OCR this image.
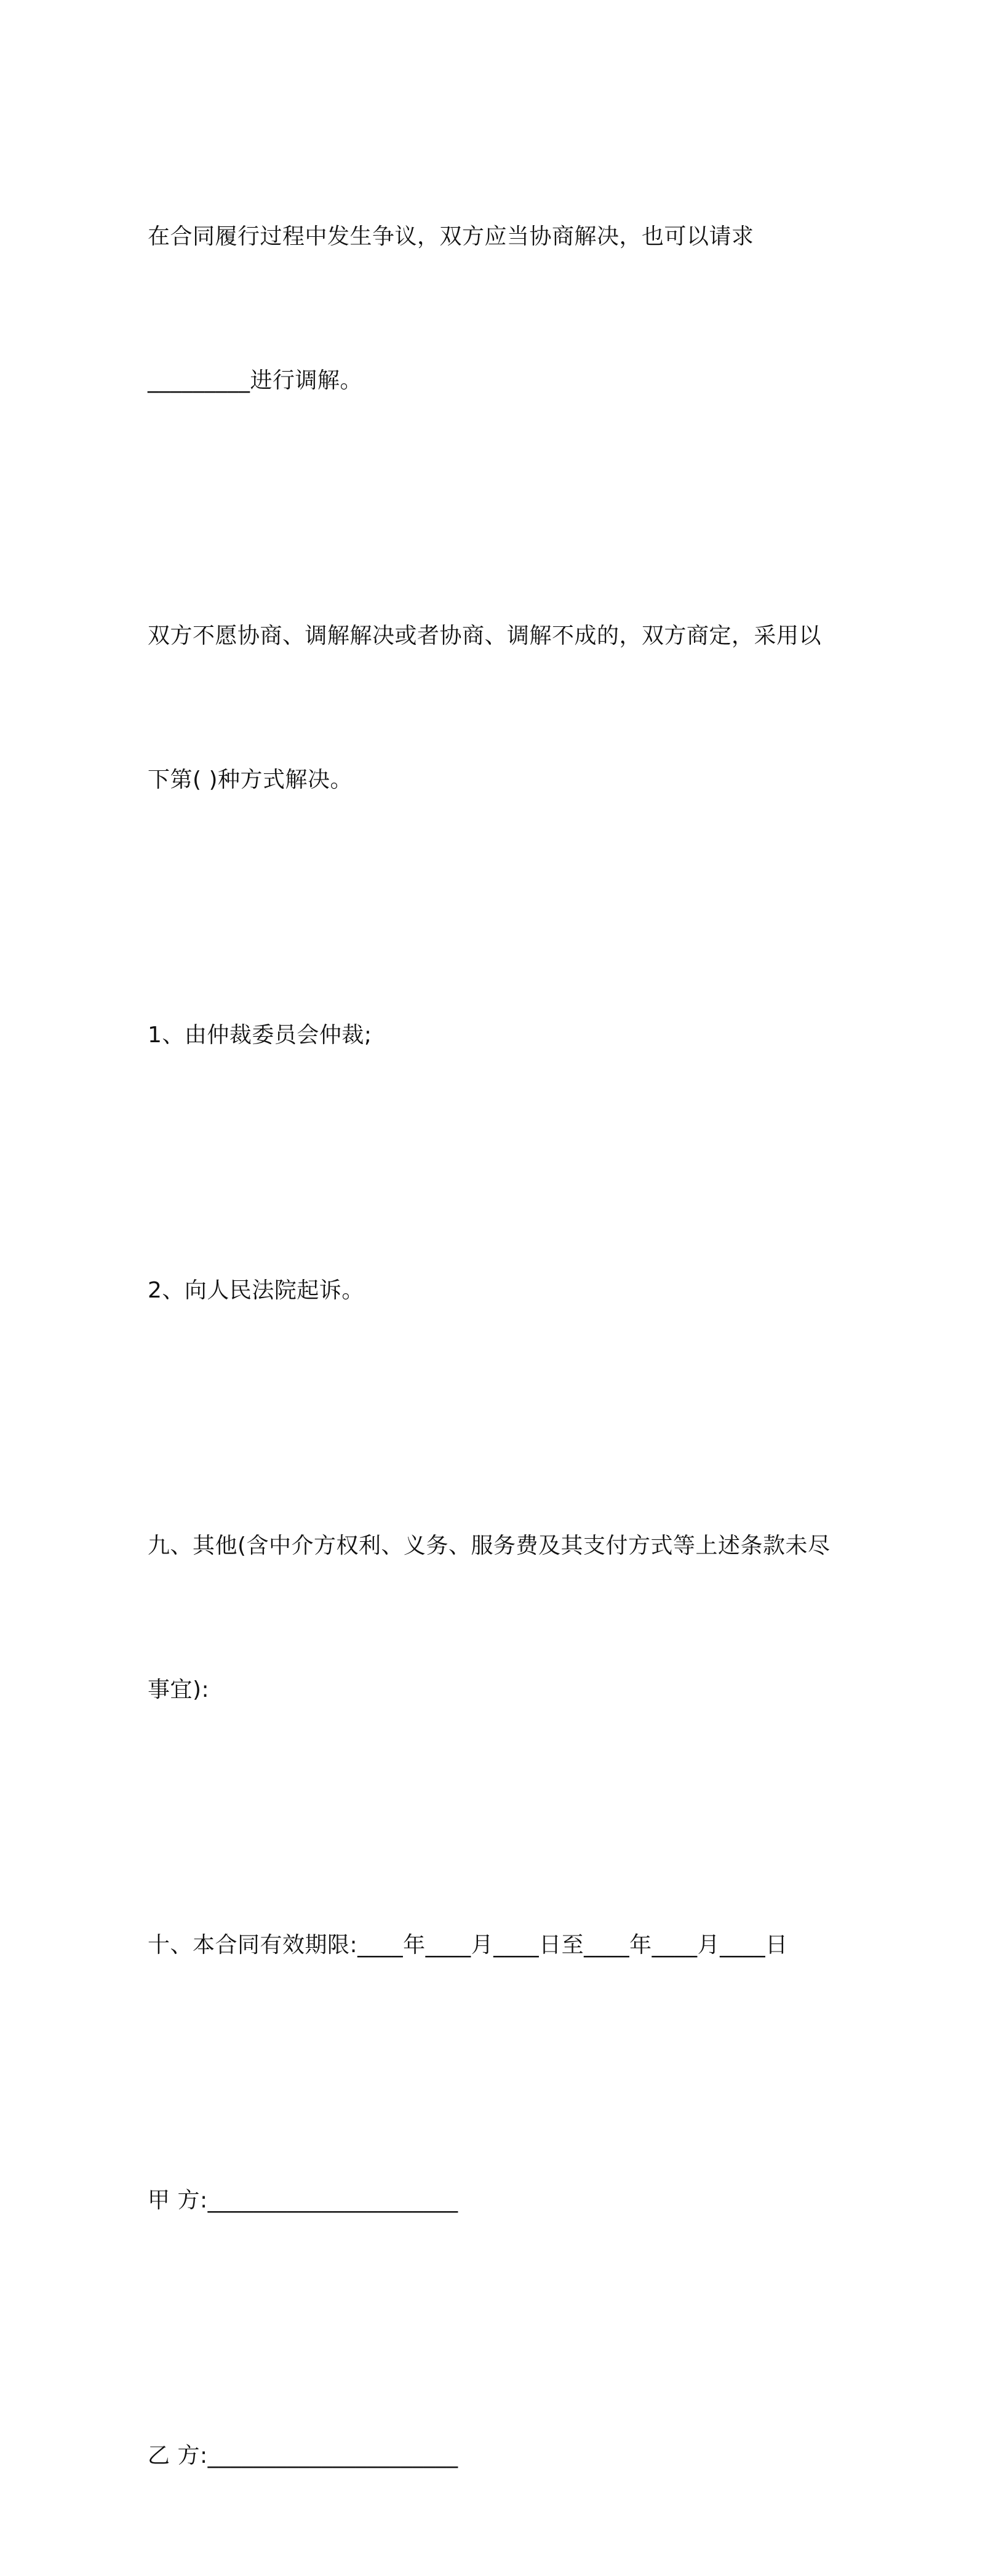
在合同履行过程中发生争议，双方应当协商解决，也可以请求

_________进行调解。

双方不愿协商、调解解决或者协商、调解不成的，双方商定，采用以

下第( )种方式解决。

1、由仲裁委员会仲裁;

2、向人民法院起诉。

九、其他(含中介方权利、义务、服务费及其支付方式等上述条款未尽

事宜):

十、本合同有效期限:____年____月____日至____年____月____日

甲 方:______________________

乙 方:______________________
